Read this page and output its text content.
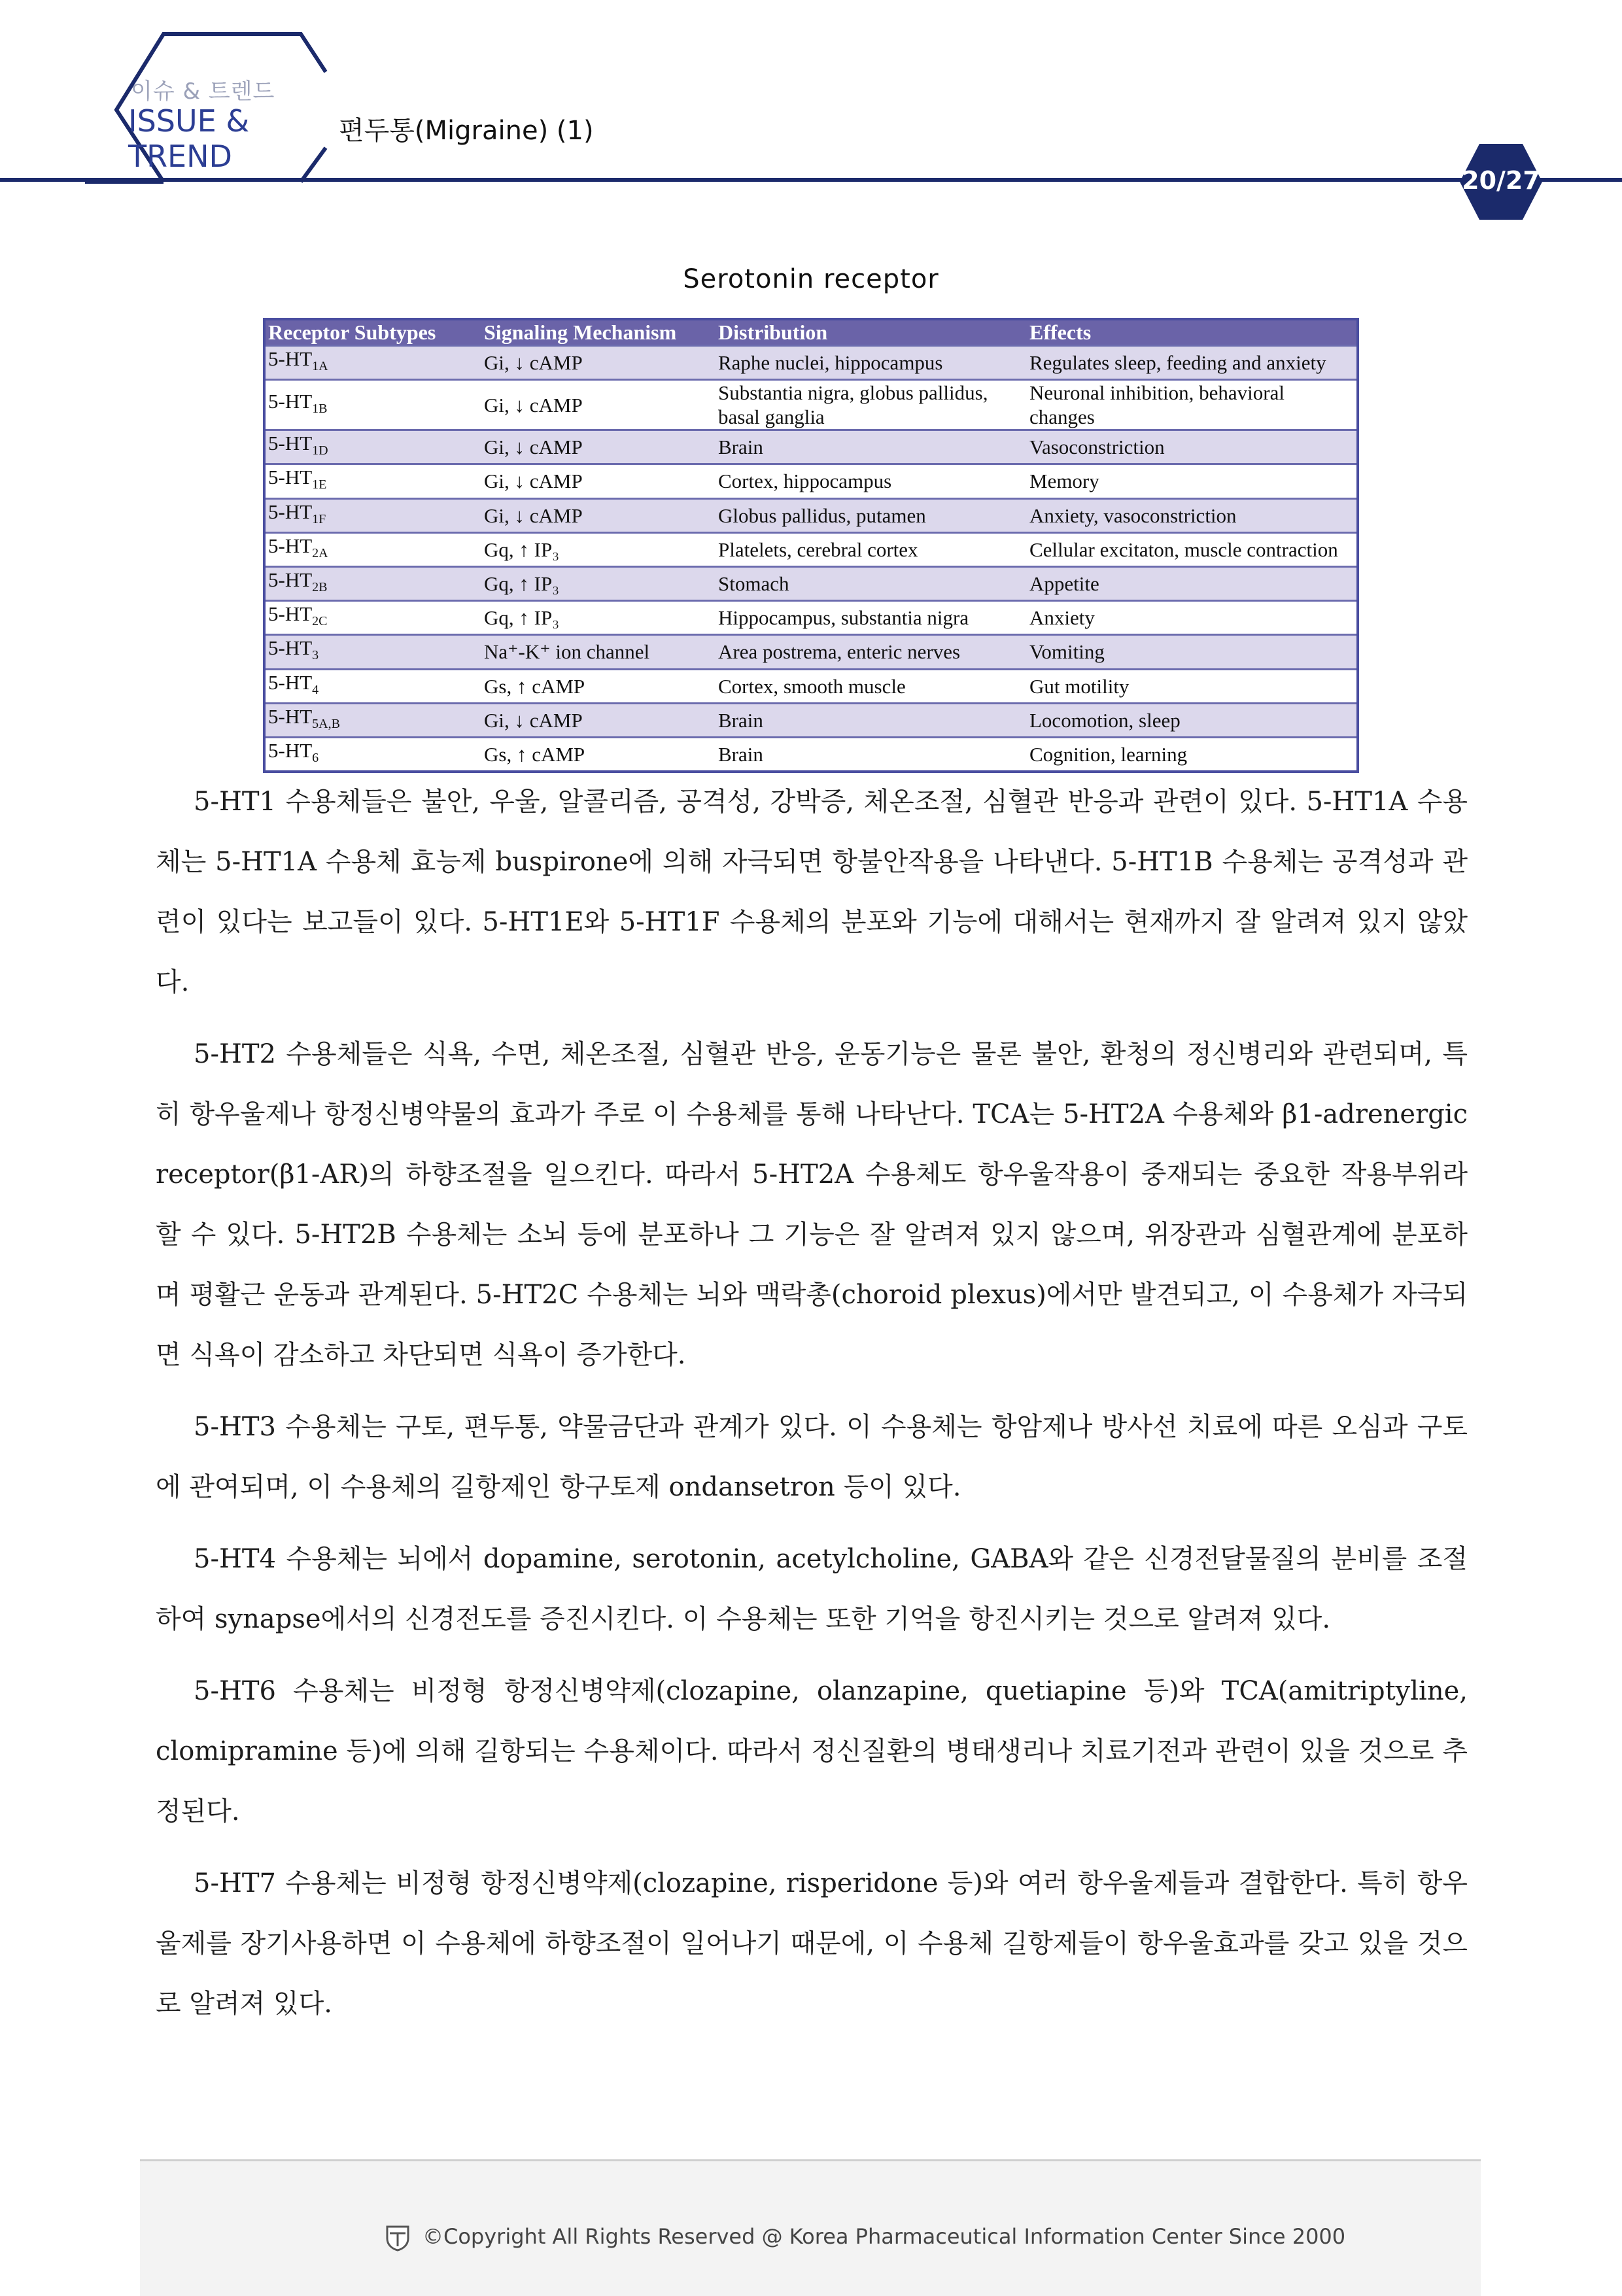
이슈 & 트렌드
ISSUE &
TREND
편두통(Migraine) (1)
20/27
Serotonin receptor
Receptor Subtypes	Signaling Mechanism	Distribution	Effects
$5-HT_{1A}$	Gi, ↓ cAMP	Raphe nuclei, hippocampus	Regulates sleep, feeding and anxiety
$5-HT_{1B}$	Gi, ↓ cAMP	Substantia nigra, globus pallidus, basal ganglia	Neuronal inhibition, behavioral changes
$5-HT_{1D}$	Gi, ↓ cAMP	Brain	Vasoconstriction
$5-HT_{1E}$	Gi, ↓ cAMP	Cortex, hippocampus	Memory
$5-HT_{1F}$	Gi, ↓ cAMP	Globus pallidus, putamen	Anxiety, vasoconstriction
$5-HT_{2A}$	Gq, ↑ IP₃	Platelets, cerebral cortex	Cellular excitaton, muscle contraction
$5-HT_{2B}$	Gq, ↑ IP₃	Stomach	Appetite
$5-HT_{2C}$	Gq, ↑ IP₃	Hippocampus, substantia nigra	Anxiety
$5-HT_3$	Na⁺-K⁺ ion channel	Area postrema, enteric nerves	Vomiting
$5-HT_4$	Gs, ↑ cAMP	Cortex, smooth muscle	Gut motility
$5-HT_{5A,B}$	Gi, ↓ cAMP	Brain	Locomotion, sleep
$5-HT_6$	Gs, ↑ cAMP	Brain	Cognition, learning

5-HT1 수용체들은 불안, 우울, 알콜리즘, 공격성, 강박증, 체온조절, 심혈관 반응과 관련이 있다. 5-HT1A 수용체는 5-HT1A 수용체 효능제 buspirone에 의해 자극되면 항불안작용을 나타낸다. 5-HT1B 수용체는 공격성과 관련이 있다는 보고들이 있다. 5-HT1E와 5-HT1F 수용체의 분포와 기능에 대해서는 현재까지 잘 알려져 있지 않았다.

5-HT2 수용체들은 식욕, 수면, 체온조절, 심혈관 반응, 운동기능은 물론 불안, 환청의 정신병리와 관련되며, 특히 항우울제나 항정신병약물의 효과가 주로 이 수용체를 통해 나타난다. TCA는 5-HT2A 수용체와 β1-adrenergic receptor(β1-AR)의 하향조절을 일으킨다. 따라서 5-HT2A 수용체도 항우울작용이 중재되는 중요한 작용부위라 할 수 있다. 5-HT2B 수용체는 소뇌 등에 분포하나 그 기능은 잘 알려져 있지 않으며, 위장관과 심혈관계에 분포하며 평활근 운동과 관계된다. 5-HT2C 수용체는 뇌와 맥락총(choroid plexus)에서만 발견되고, 이 수용체가 자극되면 식욕이 감소하고 차단되면 식욕이 증가한다.

5-HT3 수용체는 구토, 편두통, 약물금단과 관계가 있다. 이 수용체는 항암제나 방사선 치료에 따른 오심과 구토에 관여되며, 이 수용체의 길항제인 항구토제 ondansetron 등이 있다.

5-HT4 수용체는 뇌에서 dopamine, serotonin, acetylcholine, GABA와 같은 신경전달물질의 분비를 조절하여 synapse에서의 신경전도를 증진시킨다. 이 수용체는 또한 기억을 항진시키는 것으로 알려져 있다.

5-HT6 수용체는 비정형 항정신병약제(clozapine, olanzapine, quetiapine 등)와 TCA(amitriptyline, clomipramine 등)에 의해 길항되는 수용체이다. 따라서 정신질환의 병태생리나 치료기전과 관련이 있을 것으로 추정된다.

5-HT7 수용체는 비정형 항정신병약제(clozapine, risperidone 등)와 여러 항우울제들과 결합한다. 특히 항우울제를 장기사용하면 이 수용체에 하향조절이 일어나기 때문에, 이 수용체 길항제들이 항우울효과를 갖고 있을 것으로 알려져 있다.

©Copyright All Rights Reserved @ Korea Pharmaceutical Information Center Since 2000
